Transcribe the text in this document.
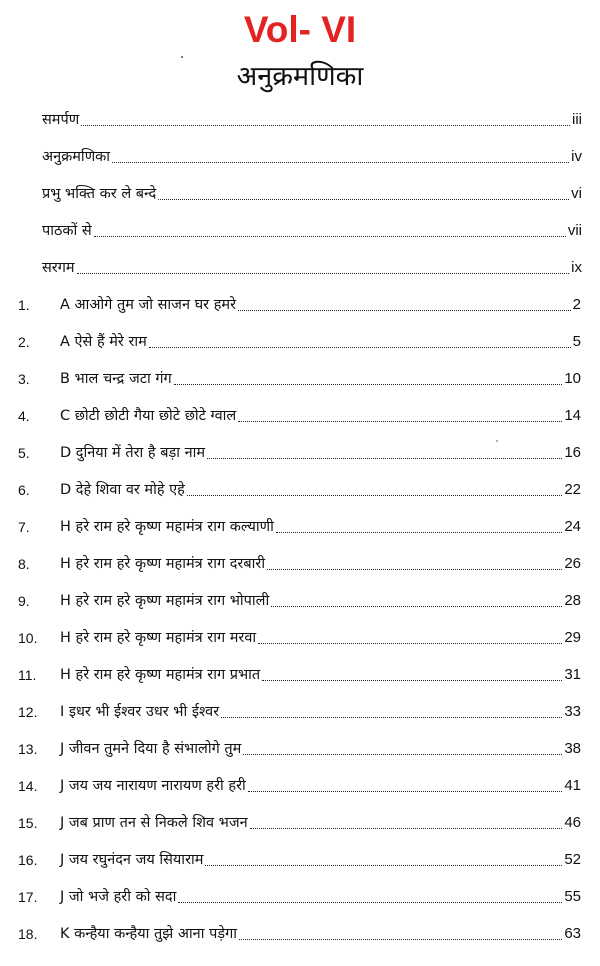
Vol- VI
अनुक्रमणिका
समर्पण	iii
अनुक्रमणिका	iv
प्रभु भक्ति कर ले बन्दे	vi
पाठकों से	vii
सरगम	ix
1.	A आओगे तुम जो साजन घर हमरे	2
2.	A ऐसे हैं मेरे राम	5
3.	B भाल चन्द्र जटा गंग	10
4.	C छोटी छोटी गैया छोटे छोटे ग्वाल	14
5.	D दुनिया में तेरा है बड़ा नाम	16
6.	D देहे शिवा वर मोहे एहे	22
7.	H हरे राम हरे कृष्ण महामंत्र राग कल्याणी	24
8.	H हरे राम हरे कृष्ण महामंत्र राग दरबारी	26
9.	H हरे राम हरे कृष्ण महामंत्र राग भोपाली	28
10.	H हरे राम हरे कृष्ण महामंत्र राग मरवा	29
11.	H हरे राम हरे कृष्ण महामंत्र राग प्रभात	31
12.	I इधर भी ईश्वर उधर भी ईश्वर	33
13.	J जीवन तुमने दिया है संभालोगे तुम	38
14.	J जय जय नारायण नारायण हरी हरी	41
15.	J जब प्राण तन से निकले शिव भजन	46
16.	J जय रघुनंदन जय सियाराम	52
17.	J जो भजे हरी को सदा	55
18.	K कन्हैया कन्हैया तुझे आना पड़ेगा	63
